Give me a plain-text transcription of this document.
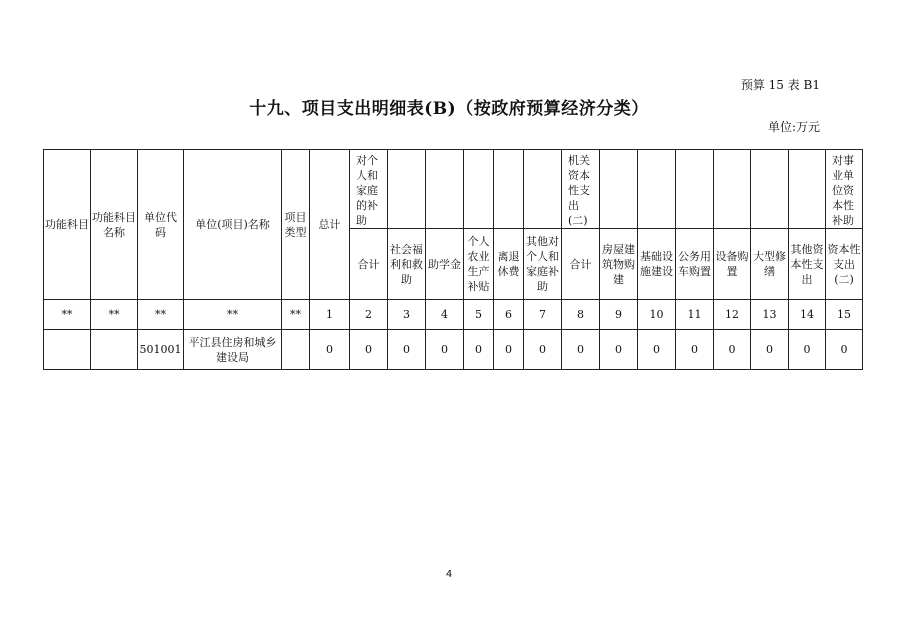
预算 15 表 B1
十九、项目支出明细表(B)（按政府预算经济分类）
单位:万元
功能科目	功能科目名称	单位代码	单位(项目)名称	项目类型	总计	对个人和家庭的补助						机关资本性支出(二)							对事业单位资本性补助
						合计	社会福利和救助	助学金	个人农业生产补贴	离退休费	其他对个人和家庭补助	合计	房屋建筑物购建	基础设施建设	公务用车购置	设备购置	大型修缮	其他资本性支出	资本性支出(二)
**	**	**	**	**	1	2	3	4	5	6	7	8	9	10	11	12	13	14	15
		501001	平江县住房和城乡建设局		0	0	0	0	0	0	0	0	0	0	0	0	0	0	0
4
